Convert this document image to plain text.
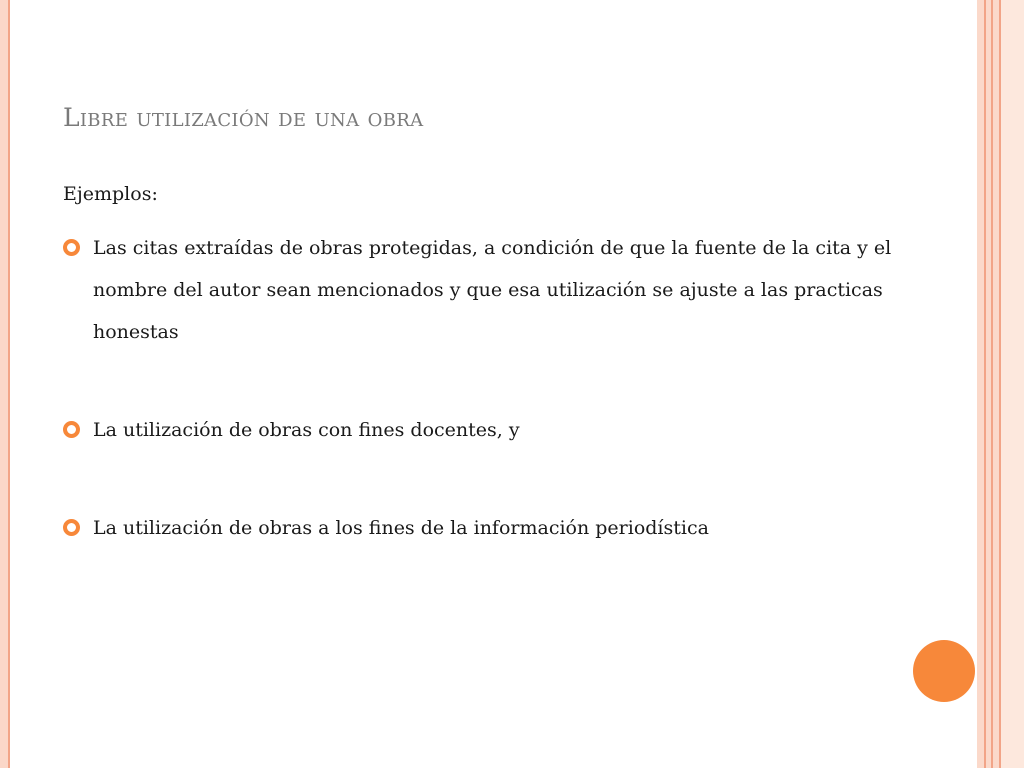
Libre utilización de una obra
Ejemplos:
Las citas extraídas de obras protegidas, a condición de que la fuente de la cita y el nombre del autor sean mencionados y que esa utilización se ajuste a las practicas honestas
La utilización de obras con fines docentes, y
La utilización de obras a los fines de la información periodística
